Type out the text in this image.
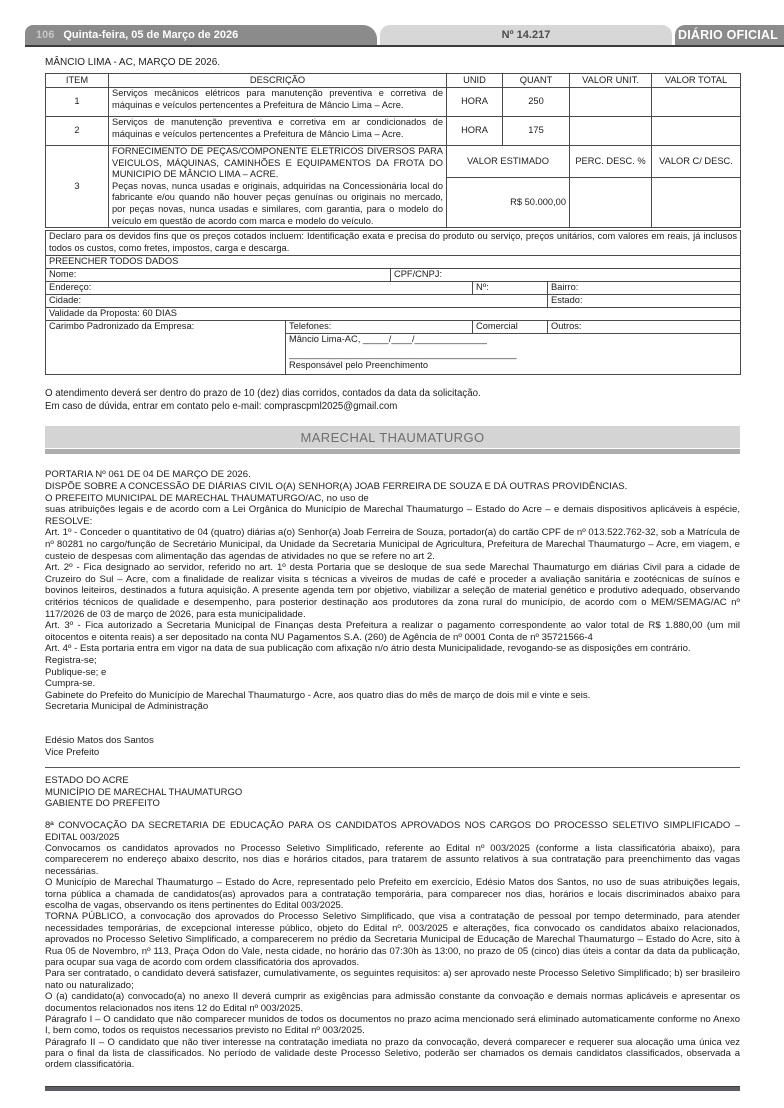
106 Quinta-feira, 05 de Março de 2026	Nº 14.217	DIÁRIO OFICIAL
MÂNCIO LIMA - AC, MARÇO DE 2026.
ITEM	DESCRIÇÃO	UNID	QUANT	VALOR UNIT.	VALOR TOTAL
1	Serviços mecânicos elétricos para manutenção preventiva e corretiva de máquinas e veículos pertencentes a Prefeitura de Mâncio Lima – Acre.	HORA	250		
2	Serviços de manutenção preventiva e corretiva em ar condicionados de máquinas e veículos pertencentes a Prefeitura de Mâncio Lima – Acre.	HORA	175		
3	FORNECIMENTO DE PEÇAS/COMPONENTE ELETRICOS DIVERSOS PARA VEICULOS, MÁQUINAS, CAMINHÕES E EQUIPAMENTOS DA FROTA DO MUNICIPIO DE MÂNCIO LIMA – ACRE.
Peças novas, nunca usadas e originais, adquiridas na Concessionária local do fabricante e/ou quando não houver peças genuínas ou originais no mercado, por peças novas, nunca usadas e similares, com garantia, para o modelo do veículo em questão de acordo com marca e modelo do veículo.	VALOR ESTIMADO		PERC. DESC. %	VALOR C/ DESC.
		R$ 50.000,00			
Declaro para os devidos fins que os preços cotados incluem: Identificação exata e precisa do produto ou serviço, preços unitários, com valores em reais, já inclusos todos os custos, como fretes, impostos, carga e descarga.				
PREENCHER TODOS DADOS				
Nome:		CPF/CNPJ:		
Endereço:			Nº:	Bairro:
Cidade:				Estado:
Validade da Proposta: 60 DIAS				
Carimbo Padronizado da Empresa:	Telefones:		Comercial	Outros:

	Mâncio Lima-AC, _____/____/______________
____________________________________________
Responsável pelo Preenchimento			

O atendimento deverá ser dentro do prazo de 10 (dez) dias corridos, contados da data da solicitação.

Em caso de dúvida, entrar em contato pelo e-mail: comprascpml2025@gmail.com

MARECHAL THAUMATURGO
PORTARIA Nº 061 DE 04 DE MARÇO DE 2026.
DISPÕE SOBRE A CONCESSÃO DE DIÁRIAS CIVIL O(A) SENHOR(A) JOAB FERREIRA DE SOUZA E DÁ OUTRAS PROVIDÊNCIAS.
O PREFEITO MUNICIPAL DE MARECHAL THAUMATURGO/AC, no uso de
suas atribuições legais e de acordo com a Lei Orgânica do Município de Marechal Thaumaturgo – Estado do Acre – e demais dispositivos aplicáveis à espécie, RESOLVE:
Art. 1º - Conceder o quantitativo de 04 (quatro) diárias a(o) Senhor(a) Joab Ferreira de Souza, portador(a) do cartão CPF de nº 013.522.762-32, sob a Matrícula de nº 80281 no cargo/função de Secretário Municipal, da Unidade da Secretaria Municipal de Agricultura, Prefeitura de Marechal Thaumaturgo – Acre, em viagem, e custeio de despesas com alimentação das agendas de atividades no que se refere no art 2.
Art. 2º - Fica designado ao servidor, referido no art. 1º desta Portaria que se desloque de sua sede Marechal Thaumaturgo em diárias Civil para a cidade de Cruzeiro do Sul – Acre, com a finalidade de realizar visita s técnicas a viveiros de mudas de café e proceder a avaliação sanitária e zootécnicas de suínos e bovinos leiteiros, destinados a futura aquisição. A presente agenda tem por objetivo, viabilizar a seleção de material genético e produtivo adequado, observando critérios técnicos de qualidade e desempenho, para posterior destinação aos produtores da zona rural do município, de acordo com o MEM/SEMAG/AC nº 117/2026 de 03 de março de 2026, para esta municipalidade.
Art. 3º - Fica autorizado a Secretaria Municipal de Finanças desta Prefeitura a realizar o pagamento correspondente ao valor total de R$ 1.880,00 (um mil oitocentos e oitenta reais) a ser depositado na conta NU Pagamentos S.A. (260) de Agência de nº 0001 Conta de nº 35721566-4
Art. 4º - Esta portaria entra em vigor na data de sua publicação com afixação n/o átrio desta Municipalidade, revogando-se as disposições em contrário.
Registra-se;
Publique-se; e
Cumpra-se.
Gabinete do Prefeito do Município de Marechal Thaumaturgo - Acre, aos quatro dias do mês de março de dois mil e vinte e seis.
Secretaria Municipal de Administração
Edésio Matos dos Santos
Vice Prefeito
ESTADO DO ACRE
MUNICÍPIO DE MARECHAL THAUMATURGO
GABIENTE DO PREFEITO
8ª CONVOCAÇÃO DA SECRETARIA DE EDUCAÇÃO PARA OS CANDIDATOS APROVADOS NOS CARGOS DO PROCESSO SELETIVO SIMPLIFICADO – EDITAL 003/2025
Convocamos os candidatos aprovados no Processo Seletivo Simplificado, referente ao Edital nº 003/2025 (conforme a lista classificatória abaixo), para comparecerem no endereço abaixo descrito, nos dias e horários citados, para tratarem de assunto relativos à sua contratação para preenchimento das vagas necessárias.
O Município de Marechal Thaumaturgo – Estado do Acre, representado pelo Prefeito em exercício, Edésio Matos dos Santos, no uso de suas atribuições legais, torna pública a chamada de candidatos(as) aprovados para a contratação temporária, para comparecer nos dias, horários e locais discriminados abaixo para escolha de vagas, observando os itens pertinentes do Edital 003/2025.
TORNA PÚBLICO, a convocação dos aprovados do Processo Seletivo Simplificado, que visa a contratação de pessoal por tempo determinado, para atender necessidades temporárias, de excepcional interesse público, objeto do Edital nº. 003/2025 e alterações, fica convocado os candidatos abaixo relacionados, aprovados no Processo Seletivo Simplificado, a comparecerem no prédio da Secretaria Municipal de Educação de Marechal Thaumaturgo – Estado do Acre, sito à Rua 05 de Novembro, nº 113, Praça Odon do Vale, nesta cidade, no horário das 07:30h às 13:00, no prazo de 05 (cinco) dias úteis a contar da data da publicação, para ocupar sua vaga de acordo com ordem classificatória dos aprovados.
Para ser contratado, o candidato deverá satisfazer, cumulativamente, os seguintes requisitos: a) ser aprovado neste Processo Seletivo Simplificado; b) ser brasileiro nato ou naturalizado;
O (a) candidato(a) convocado(a) no anexo II deverá cumprir as exigências para admissão constante da convoação e demais normas aplicáveis e apresentar os documentos relacionados nos itens 12 do Edital nº 003/2025.
Páragrafo I – O candidato que não comparecer munidos de todos os documentos no prazo acima mencionado será eliminado automaticamente conforme no Anexo I, bem como, todos os requistos necessarios previsto no Edital nº 003/2025.
Páragrafo II – O candidato que não tiver interesse na contratação imediata no prazo da convocação, deverá comparecer e requerer sua alocação uma única vez para o final da lista de classificados. No período de validade deste Processo Seletivo, poderão ser chamados os demais candidatos classificados, observada a ordem classificatória.
